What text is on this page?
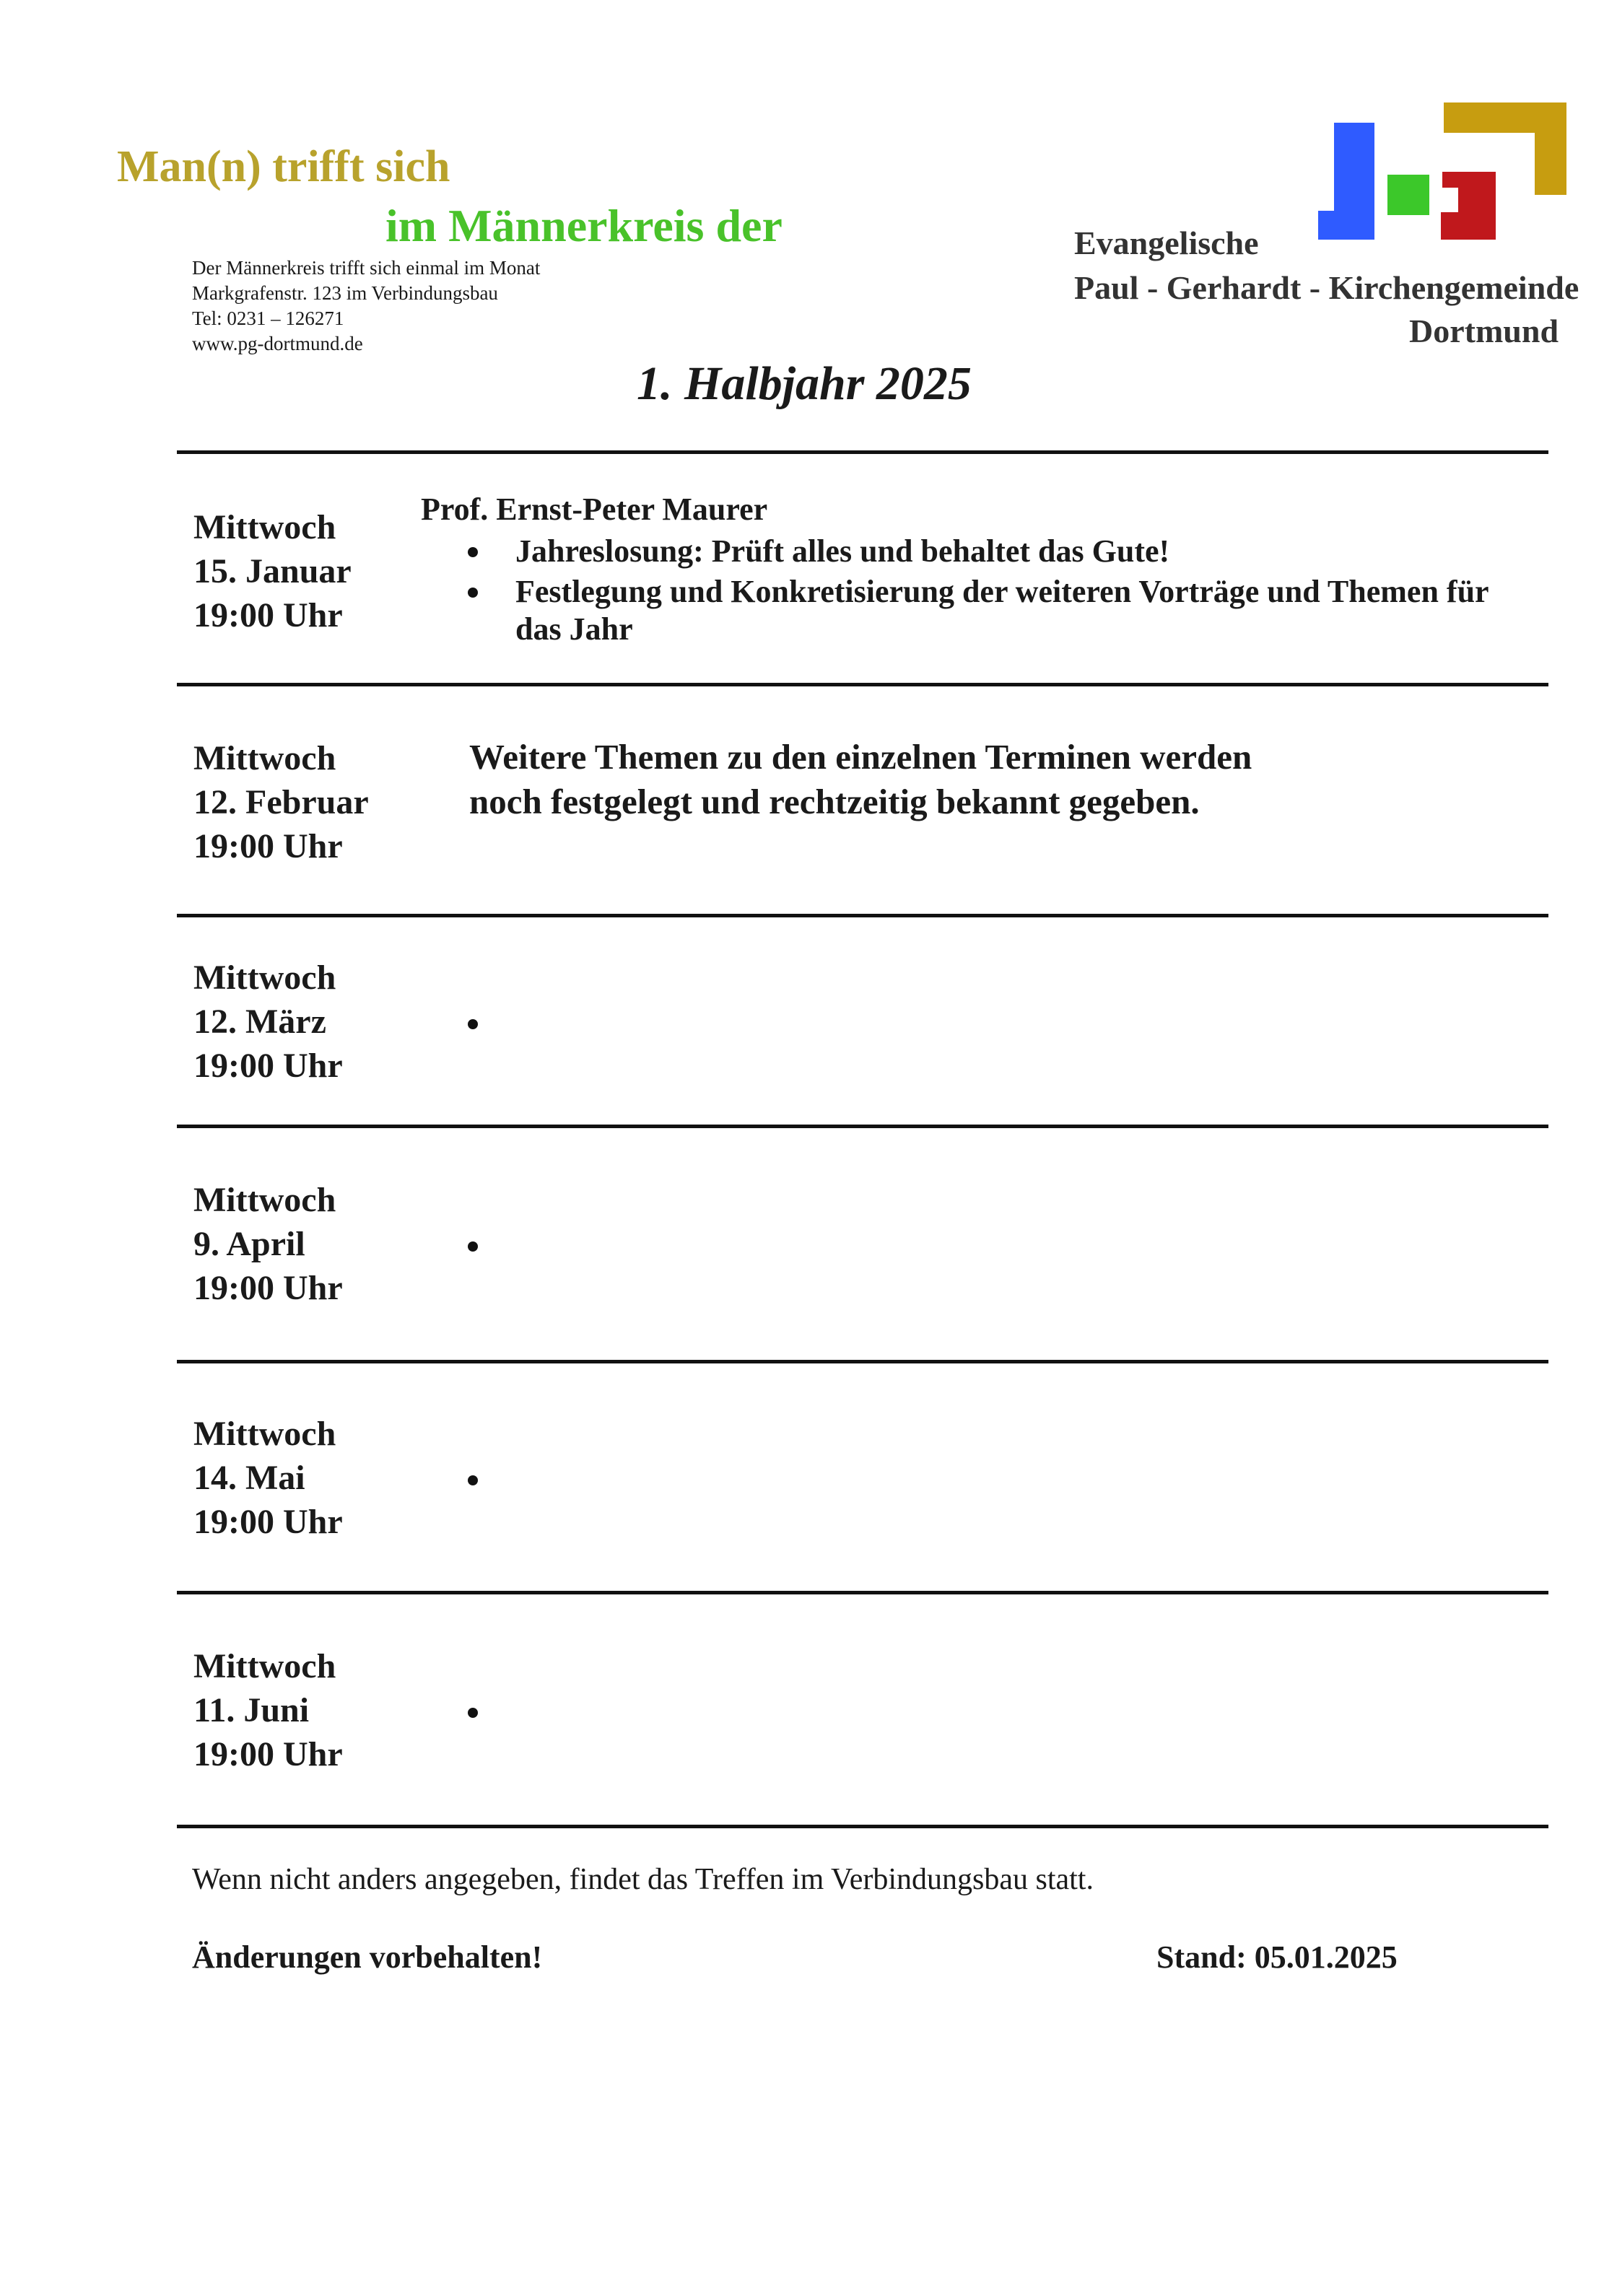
Man(n) trifft sich
im Männerkreis der
Der Männerkreis trifft sich einmal im Monat
Markgrafenstr. 123 im Verbindungsbau
Tel: 0231 – 126271
www.pg-dortmund.de
Evangelische
Paul - Gerhardt - Kirchengemeinde
Dortmund
1. Halbjahr 2025
Mittwoch
15. Januar
19:00 Uhr
Prof. Ernst-Peter Maurer
Jahreslosung: Prüft alles und behaltet das Gute!
Festlegung und Konkretisierung der weiteren Vorträge und Themen für
das Jahr
Mittwoch
12. Februar
19:00 Uhr
Weitere Themen zu den einzelnen Terminen werden
noch festgelegt und rechtzeitig bekannt gegeben.
Mittwoch
12. März
19:00 Uhr
Mittwoch
9. April
19:00 Uhr
Mittwoch
14. Mai
19:00 Uhr
Mittwoch
11. Juni
19:00 Uhr
Wenn nicht anders angegeben, findet das Treffen im Verbindungsbau statt.
Änderungen vorbehalten!	Stand: 05.01.2025
